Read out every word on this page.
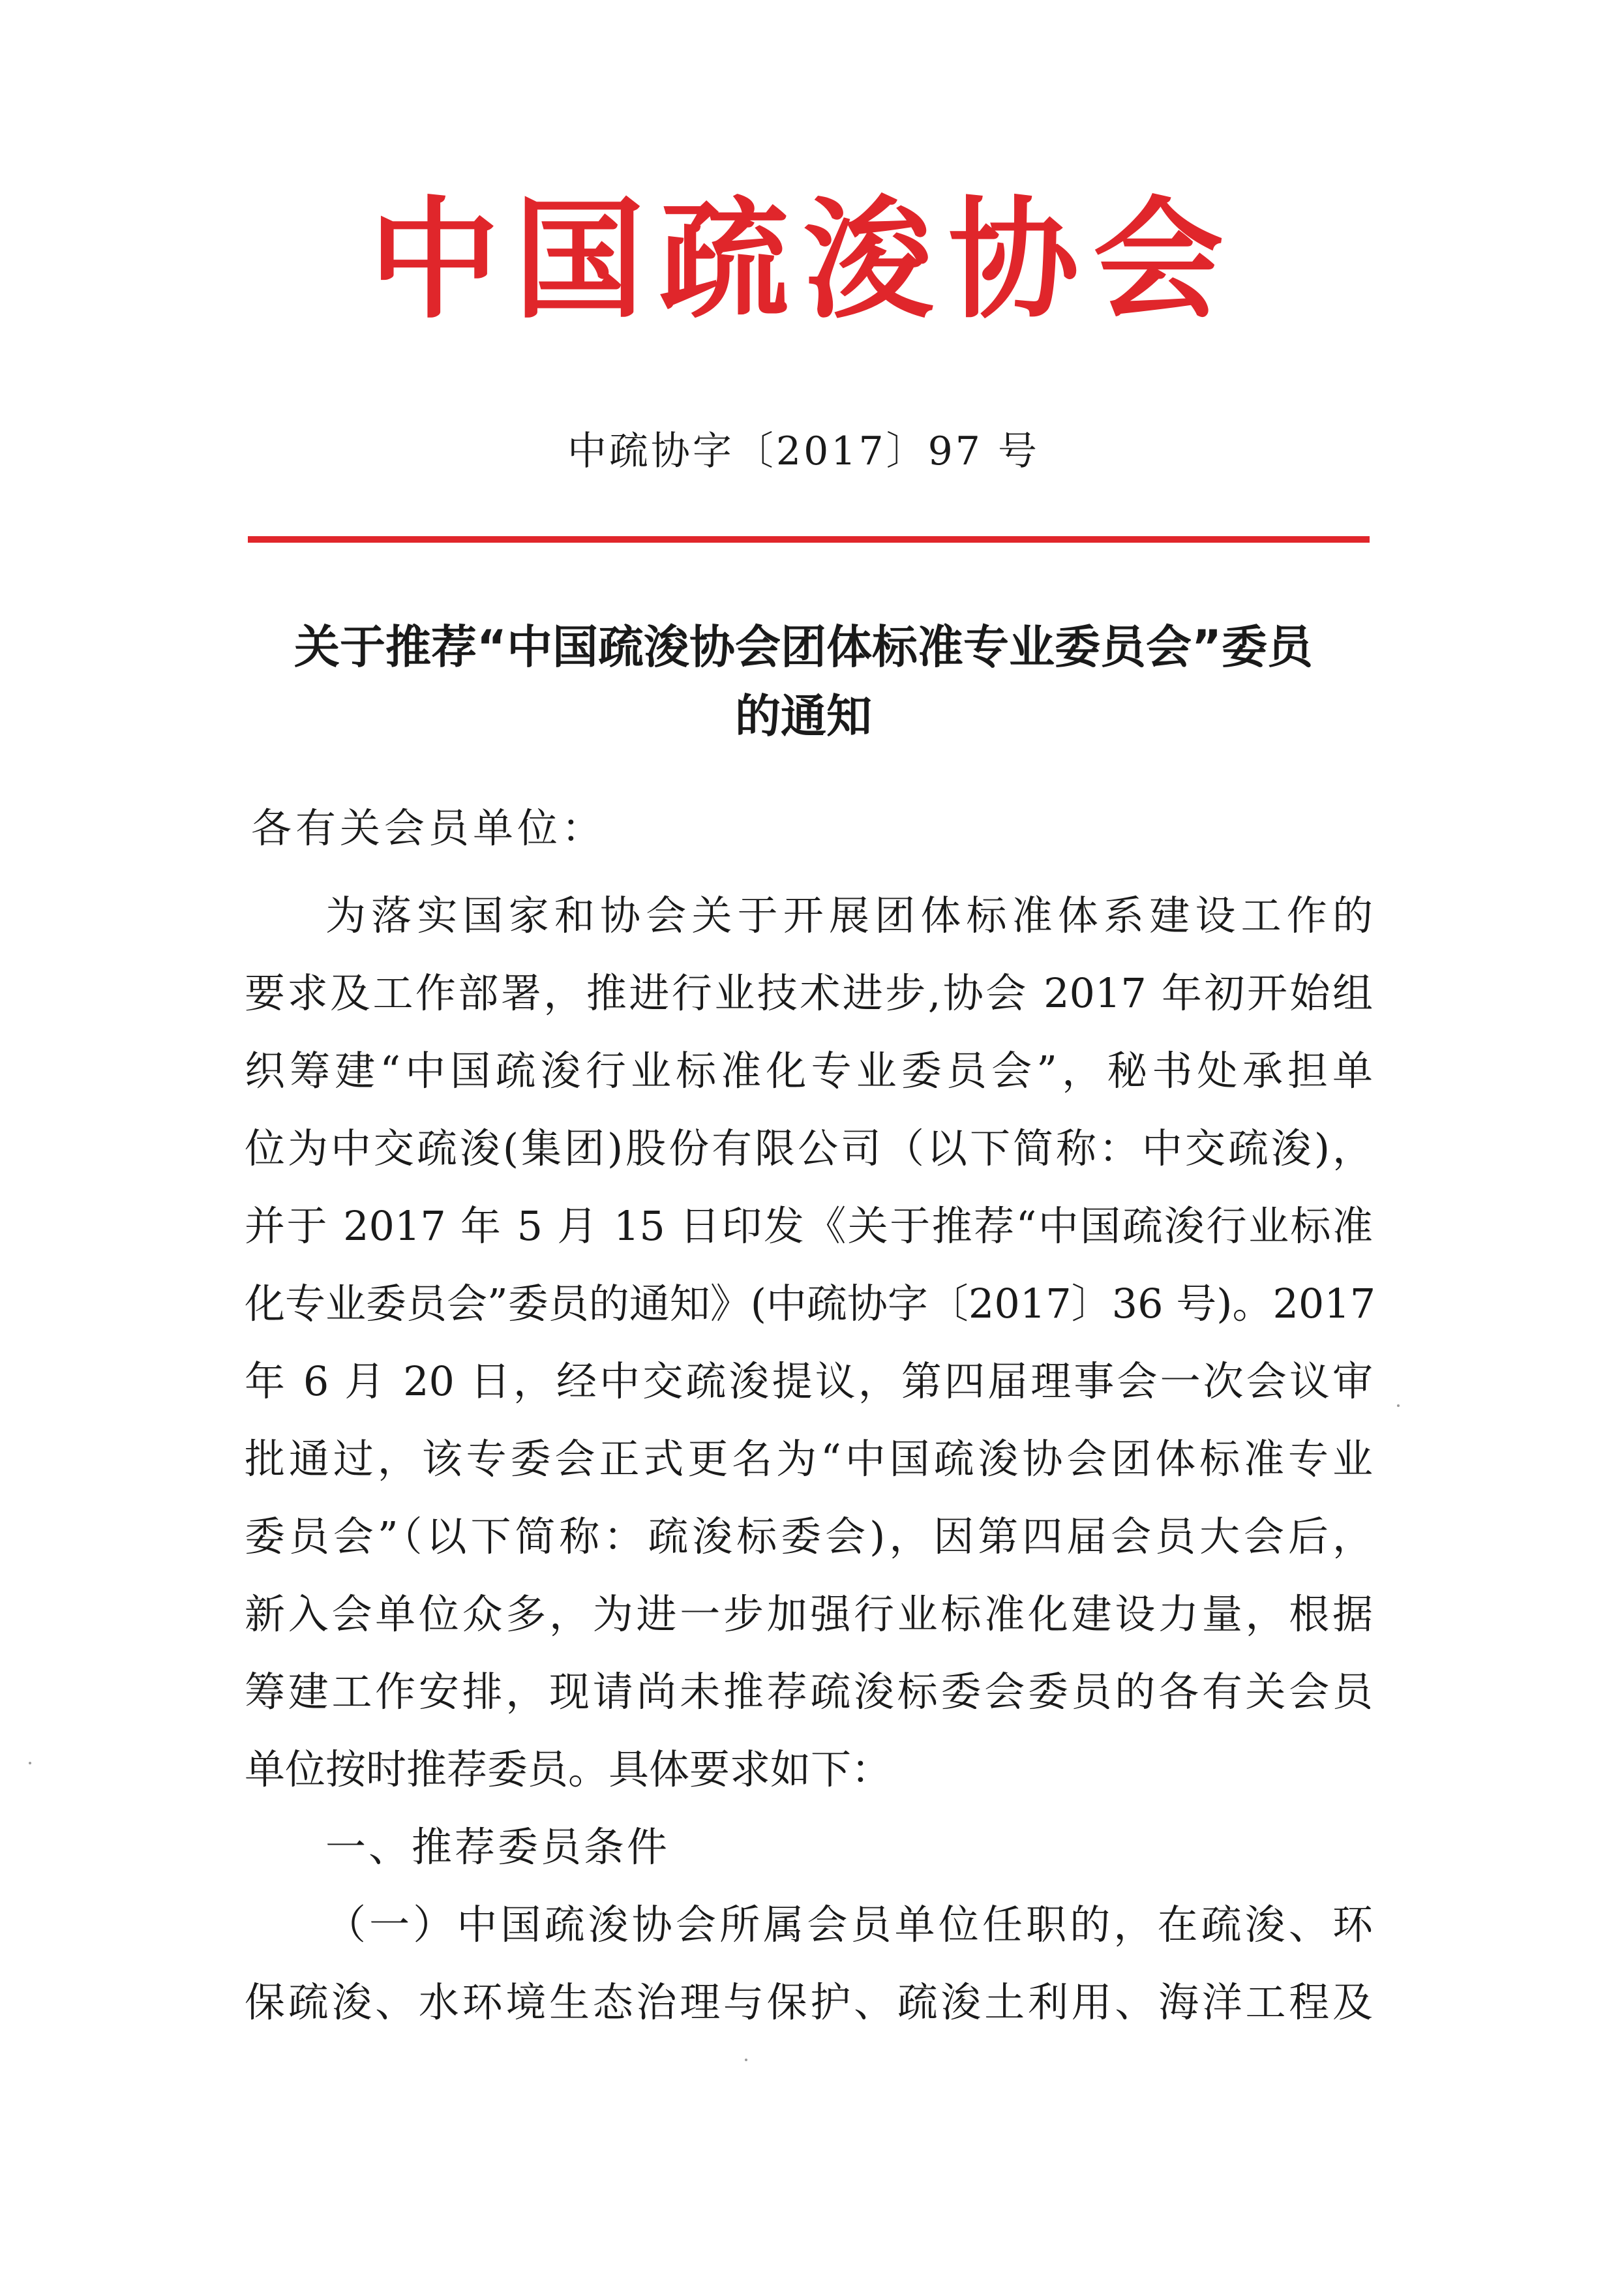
中国疏浚协会
中疏协字〔2017〕97 号
关于推荐“中国疏浚协会团体标准专业委员会”委员
的通知
各有关会员单位：
为落实国家和协会关于开展团体标准体系建设工作的
要求及工作部署，推进行业技术进步,协会 2017 年初开始组
织筹建“中国疏浚行业标准化专业委员会”，秘书处承担单
位为中交疏浚(集团)股份有限公司（以下简称：中交疏浚)，
并于 2017 年 5 月 15 日印发《关于推荐“中国疏浚行业标准
化专业委员会”委员的通知》(中疏协字〔2017〕36 号)。2017
年 6 月 20 日，经中交疏浚提议，第四届理事会一次会议审
批通过，该专委会正式更名为“中国疏浚协会团体标准专业
委员会”（以下简称：疏浚标委会)，因第四届会员大会后，
新入会单位众多，为进一步加强行业标准化建设力量，根据
筹建工作安排，现请尚未推荐疏浚标委会委员的各有关会员
单位按时推荐委员。具体要求如下：
一、推荐委员条件
（一）中国疏浚协会所属会员单位任职的，在疏浚、环
保疏浚、水环境生态治理与保护、疏浚土利用、海洋工程及
